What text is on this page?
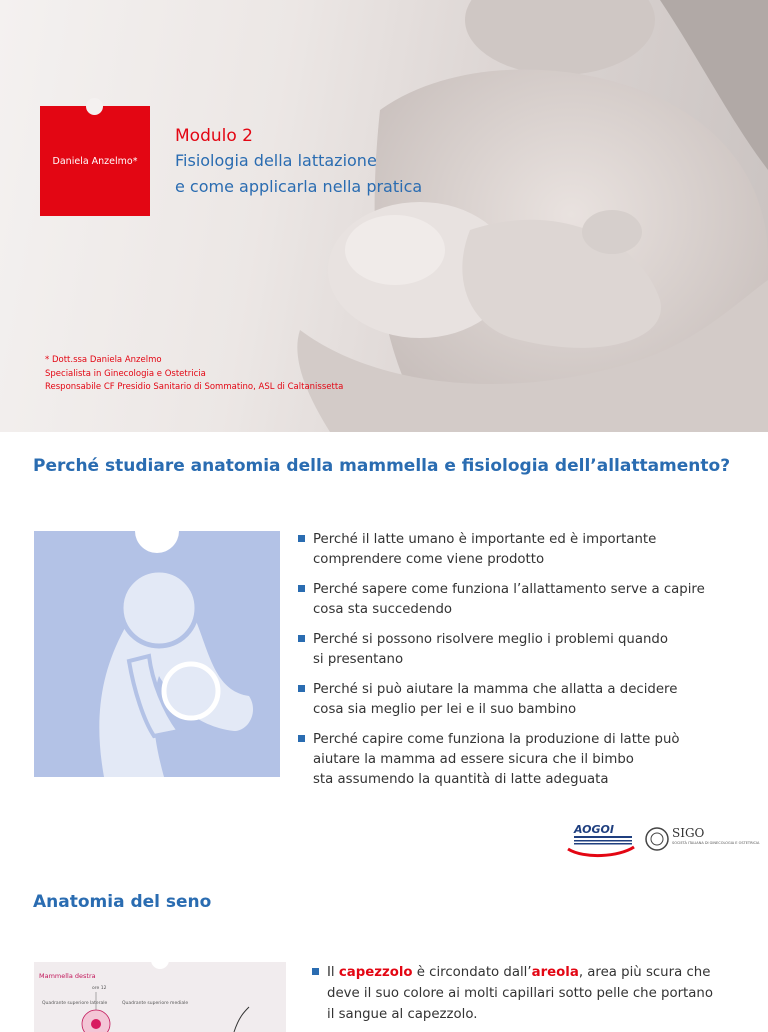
Daniela Anzelmo*
Modulo 2
Fisiologia della lattazione
e come applicarla nella pratica
* Dott.ssa Daniela Anzelmo
Specialista in Ginecologia e Ostetricia
Responsabile CF Presidio Sanitario di Sommatino, ASL di Caltanissetta
Perché studiare anatomia della mammella e fisiologia dell’allattamento?
Perché il latte umano è importante ed è importante
comprendere come viene prodotto
Perché sapere come funziona l’allattamento serve a capire
cosa sta succedendo
Perché si possono risolvere meglio i problemi quando
si presentano
Perché si può aiutare la mamma che allatta a decidere
cosa sia meglio per lei e il suo bambino
Perché capire come funziona la produzione di latte può
aiutare la mamma ad essere sicura che il bimbo
sta assumendo la quantità di latte adeguata
AOGOI	SIGO
SOCIETÀ ITALIANA DI GINECOLOGIA E OSTETRICIA
Anatomia del seno
Mammella destra
Quadrante superiore laterale
ore 12
Quadrante superiore mediale
Il capezzolo è circondato dall’areola, area più scura che
deve il suo colore ai molti capillari sotto pelle che portano
il sangue al capezzolo.
